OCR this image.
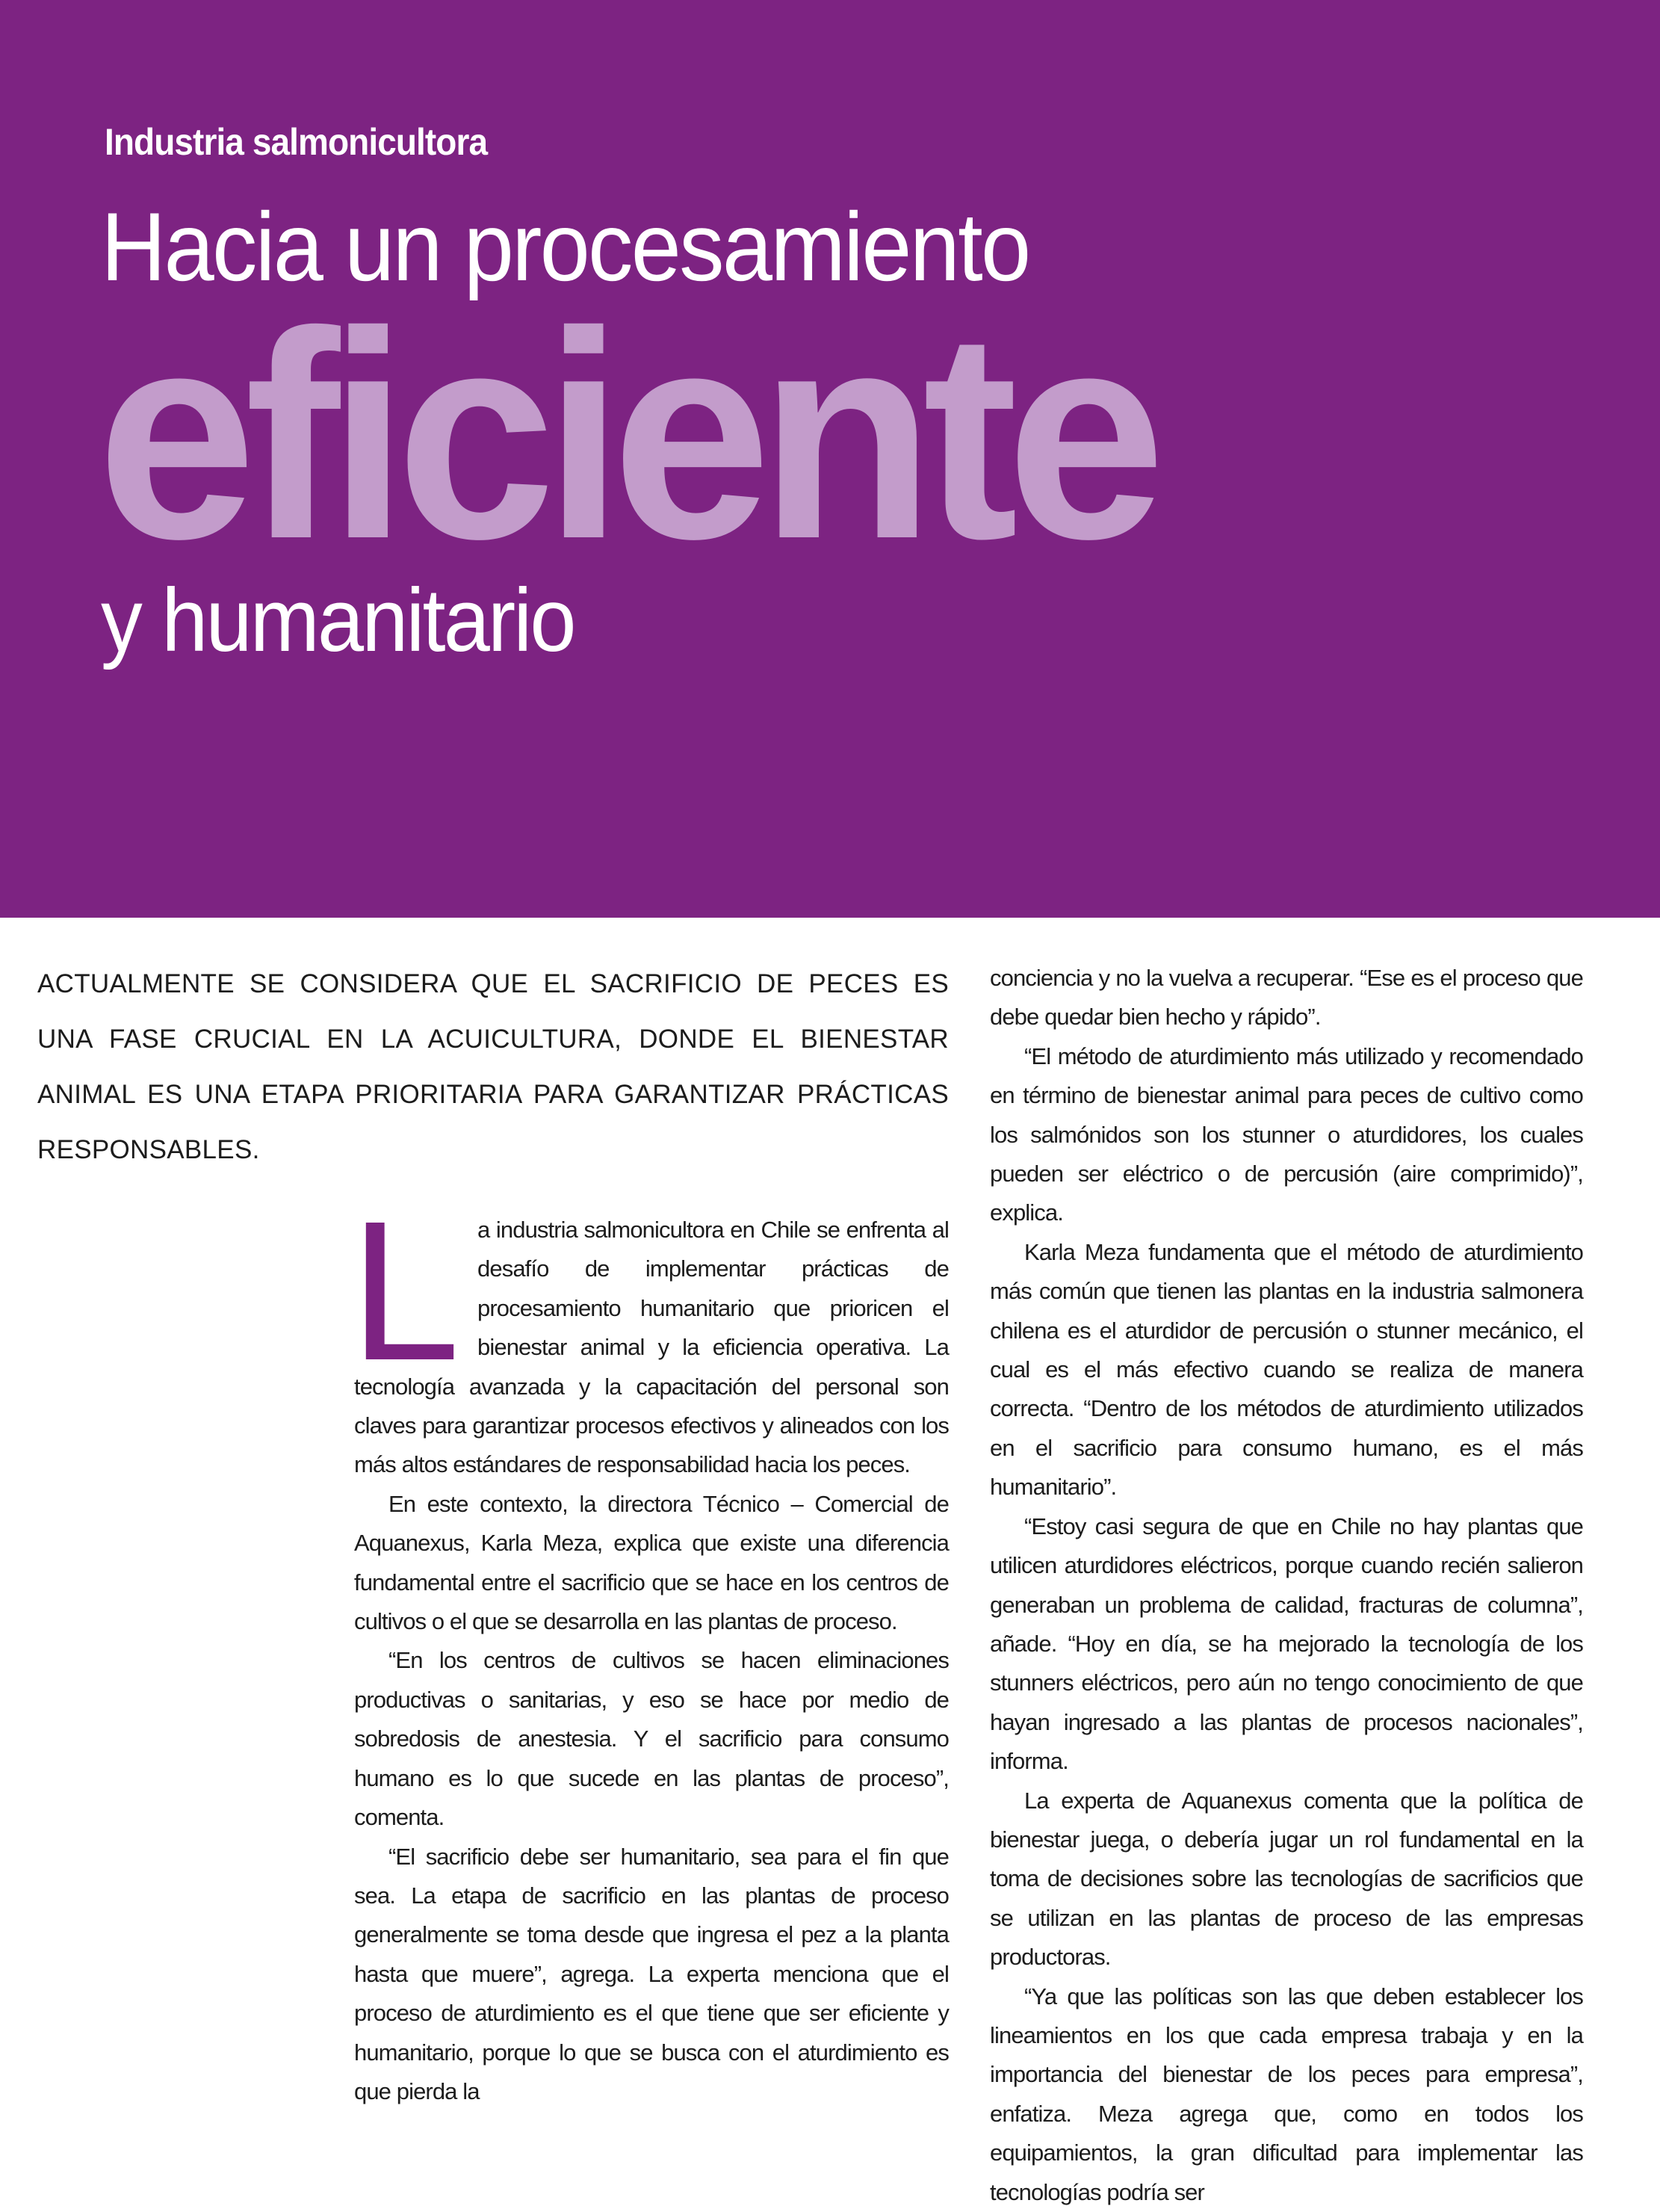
Industria salmonicultora
Hacia un procesamiento
eficiente
y humanitario

ACTUALMENTE SE CONSIDERA QUE EL SACRIFICIO DE PECES ES UNA FASE CRUCIAL EN LA ACUICULTURA, DONDE EL BIENESTAR ANIMAL ES UNA ETAPA PRIORITARIA PARA GARANTIZAR PRÁCTICAS RESPONSABLES.

La industria salmonicultora en Chile se enfrenta al desafío de implementar prácticas de procesamiento humanitario que prioricen el bienestar animal y la eficiencia operativa. La tecnología avanzada y la capacitación del personal son claves para garantizar procesos efectivos y alineados con los más altos estándares de responsabilidad hacia los peces.

En este contexto, la directora Técnico – Comercial de Aquanexus, Karla Meza, explica que existe una diferencia fundamental entre el sacrificio que se hace en los centros de cultivos o el que se desarrolla en las plantas de proceso.

“En los centros de cultivos se hacen eliminaciones productivas o sanitarias, y eso se hace por medio de sobredosis de anestesia. Y el sacrificio para consumo humano es lo que sucede en las plantas de proceso”, comenta.

“El sacrificio debe ser humanitario, sea para el fin que sea. La etapa de sacrificio en las plantas de proceso generalmente se toma desde que ingresa el pez a la planta hasta que muere”, agrega. La experta menciona que el proceso de aturdimiento es el que tiene que ser eficiente y humanitario, porque lo que se busca con el aturdimiento es que pierda la

conciencia y no la vuelva a recuperar. “Ese es el proceso que debe quedar bien hecho y rápido”.

“El método de aturdimiento más utilizado y recomendado en término de bienestar animal para peces de cultivo como los salmónidos son los stunner o aturdidores, los cuales pueden ser eléctrico o de percusión (aire comprimido)”, explica.

Karla Meza fundamenta que el método de aturdimiento más común que tienen las plantas en la industria salmonera chilena es el aturdidor de percusión o stunner mecánico, el cual es el más efectivo cuando se realiza de manera correcta. “Dentro de los métodos de aturdimiento utilizados en el sacrificio para consumo humano, es el más humanitario”.

“Estoy casi segura de que en Chile no hay plantas que utilicen aturdidores eléctricos, porque cuando recién salieron generaban un problema de calidad, fracturas de columna”, añade. “Hoy en día, se ha mejorado la tecnología de los stunners eléctricos, pero aún no tengo conocimiento de que hayan ingresado a las plantas de procesos nacionales”, informa.

La experta de Aquanexus comenta que la política de bienestar juega, o debería jugar un rol fundamental en la toma de decisiones sobre las tecnologías de sacrificios que se utilizan en las plantas de proceso de las empresas productoras.

“Ya que las políticas son las que deben establecer los lineamientos en los que cada empresa trabaja y en la importancia del bienestar de los peces para empresa”, enfatiza. Meza agrega que, como en todos los equipamientos, la gran dificultad para implementar las tecnologías podría ser
